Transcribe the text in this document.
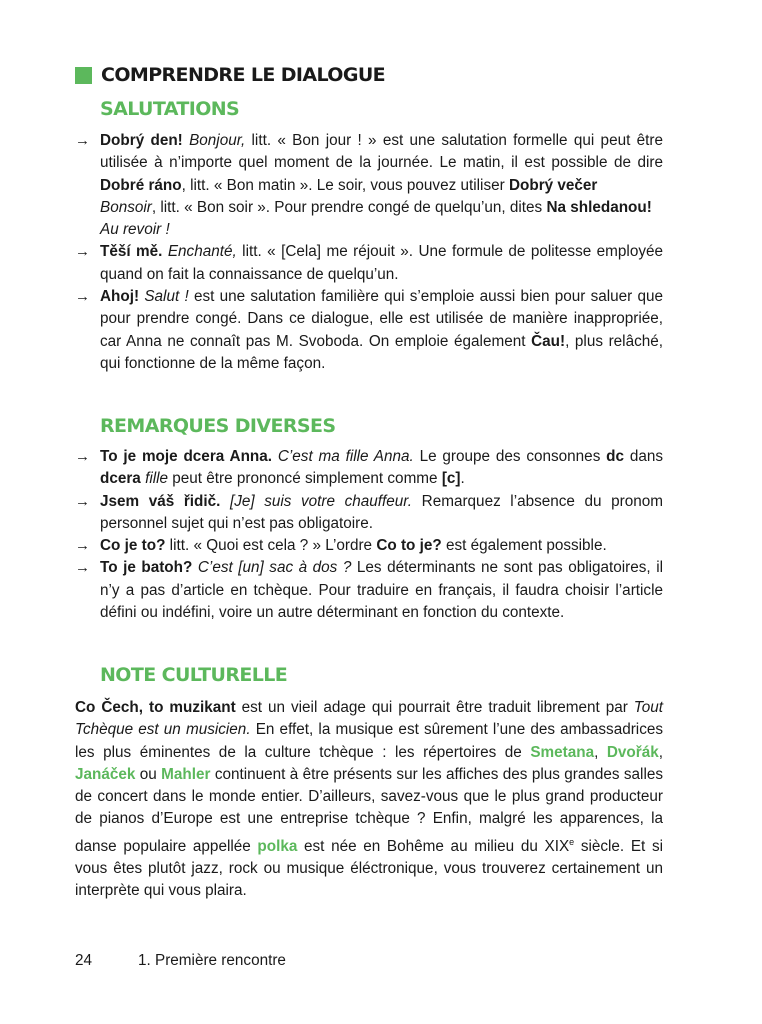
COMPRENDRE LE DIALOGUE
SALUTATIONS
→ Dobrý den! Bonjour, litt. « Bon jour ! » est une salutation formelle qui peut être utilisée à n’importe quel moment de la journée. Le matin, il est possible de dire Dobré ráno, litt. « Bon matin ». Le soir, vous pouvez utiliser Dobrý večer
Bonsoir, litt. « Bon soir ». Pour prendre congé de quelqu’un, dites Na shledanou!
Au revoir !
→ Těší mě. Enchanté, litt. « [Cela] me réjouit ». Une formule de politesse employée quand on fait la connaissance de quelqu’un.
→ Ahoj! Salut ! est une salutation familière qui s’emploie aussi bien pour saluer que pour prendre congé. Dans ce dialogue, elle est utilisée de manière inappropriée, car Anna ne connaît pas M. Svoboda. On emploie également Čau!, plus relâché, qui fonctionne de la même façon.
REMARQUES DIVERSES
→ To je moje dcera Anna. C’est ma fille Anna. Le groupe des consonnes dc dans dcera fille peut être prononcé simplement comme [c].
→ Jsem váš řidič. [Je] suis votre chauffeur. Remarquez l’absence du pronom personnel sujet qui n’est pas obligatoire.
→ Co je to? litt. « Quoi est cela ? » L’ordre Co to je? est également possible.
→ To je batoh? C’est [un] sac à dos ? Les déterminants ne sont pas obligatoires, il n’y a pas d’article en tchèque. Pour traduire en français, il faudra choisir l’article défini ou indéfini, voire un autre déterminant en fonction du contexte.
NOTE CULTURELLE

Co Čech, to muzikant est un vieil adage qui pourrait être traduit librement par Tout Tchèque est un musicien. En effet, la musique est sûrement l’une des ambassadrices les plus éminentes de la culture tchèque : les répertoires de Smetana, Dvořák, Janáček ou Mahler continuent à être présents sur les affiches des plus grandes salles de concert dans le monde entier. D’ailleurs, savez-vous que le plus grand producteur de pianos d’Europe est une entreprise tchèque ? Enfin, malgré les apparences, la danse populaire appellée polka est née en Bohême au milieu du XIXe siècle. Et si vous êtes plutôt jazz, rock ou musique éléctronique, vous trouverez certainement un interprète qui vous plaira.

24	1. Première rencontre
